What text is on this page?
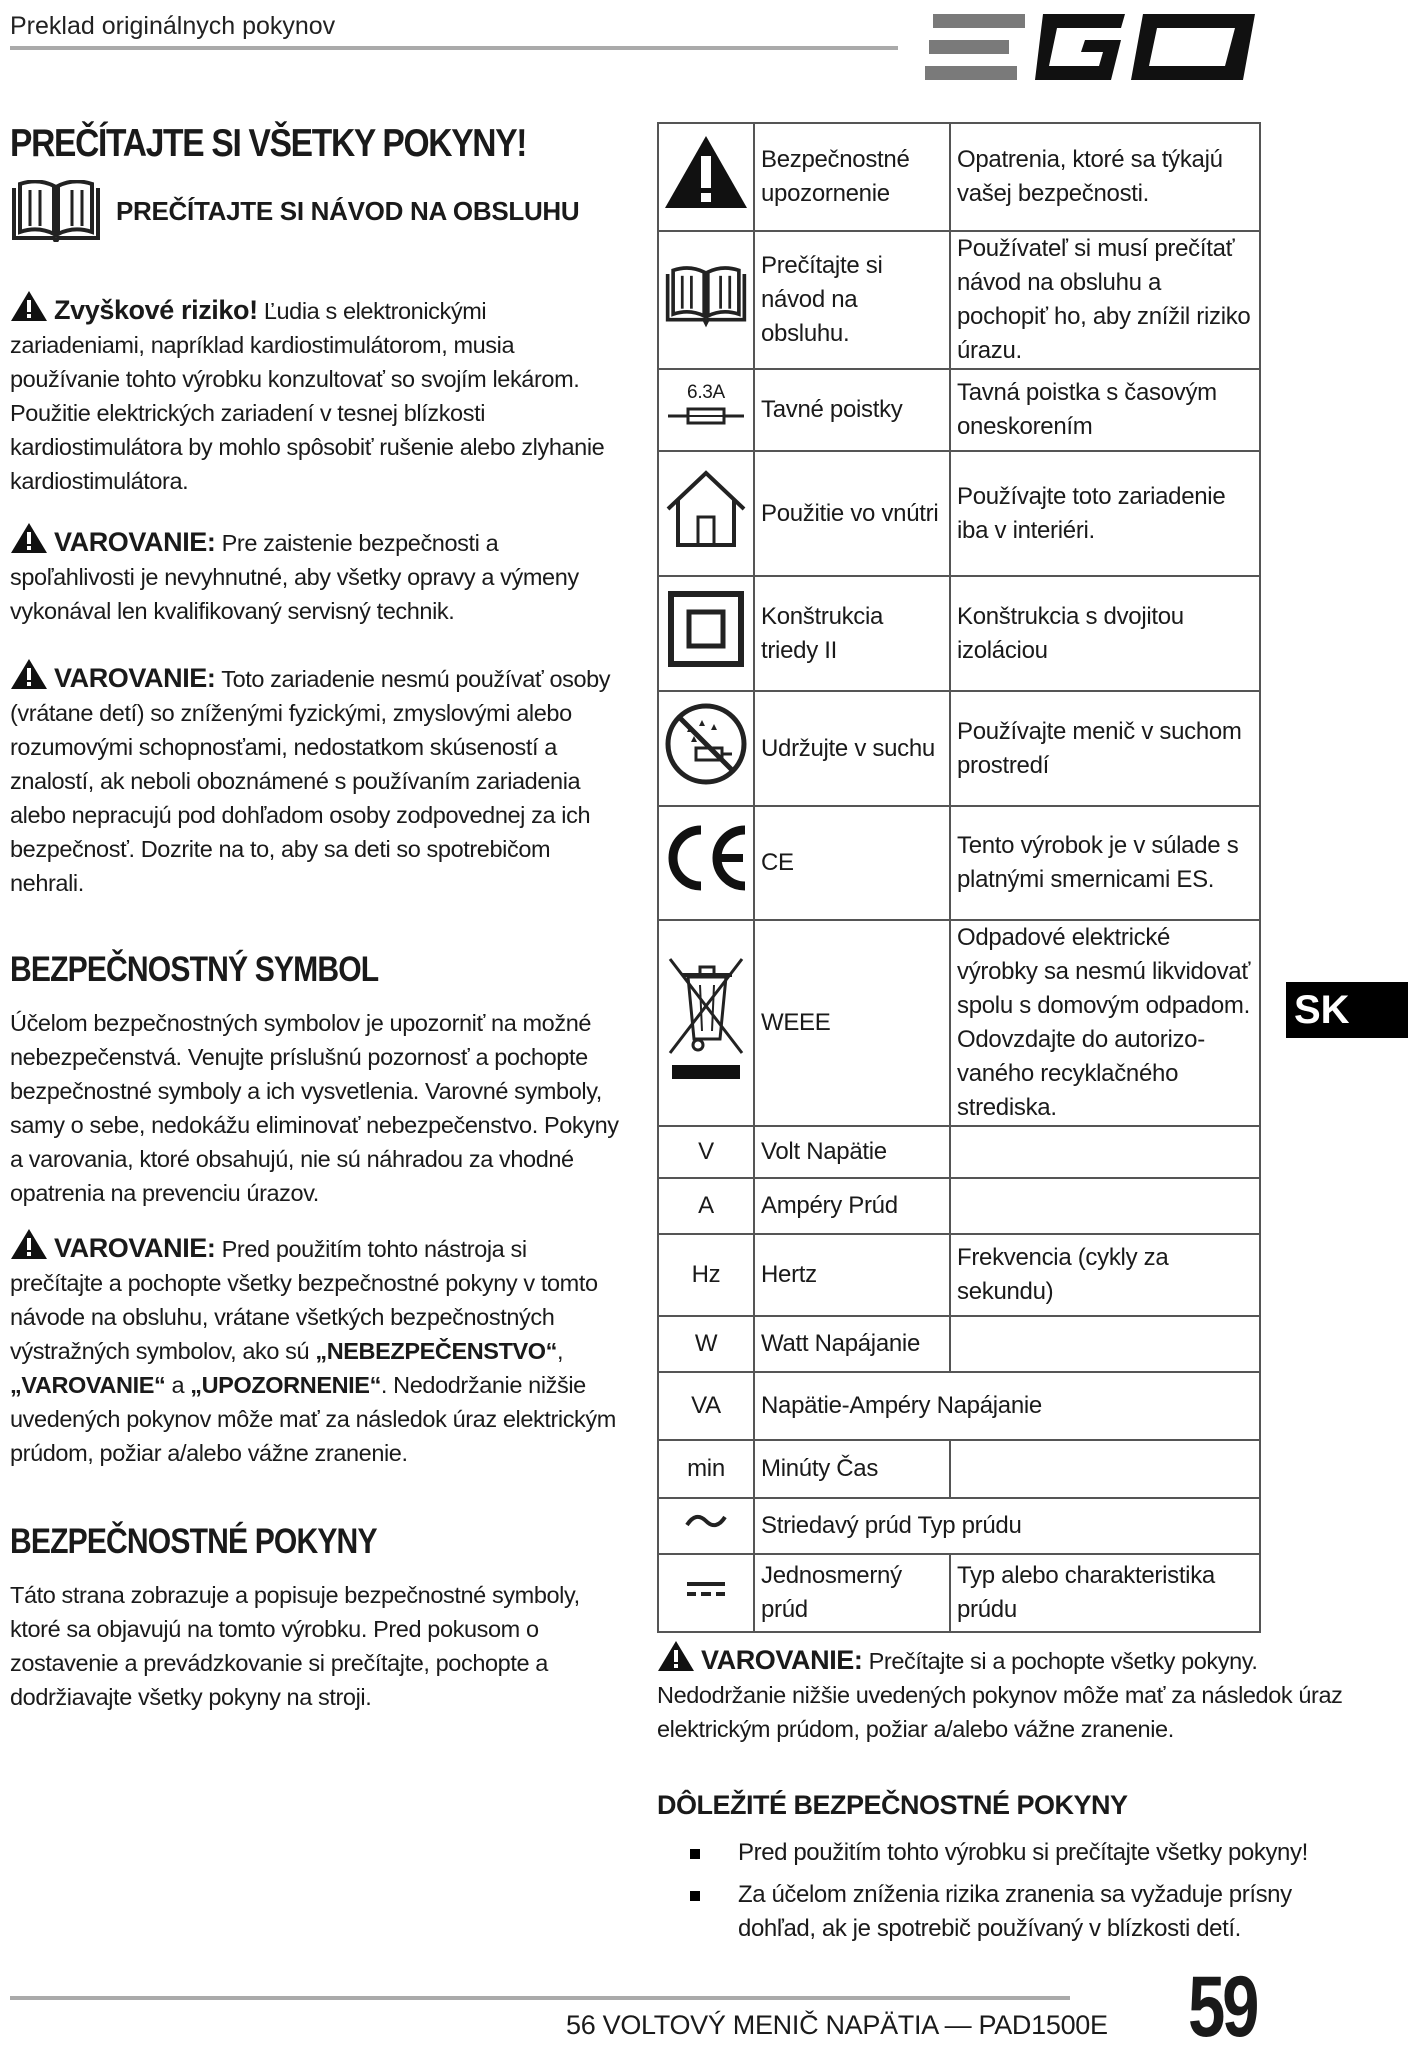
Preklad originálnych pokynov
PREČÍTAJTE SI VŠETKY POKYNY!
PREČÍTAJTE SI NÁVOD NA OBSLUHU

Zvyškové riziko! Ľudia s elektronickými zariadeniami, napríklad kardiostimulátorom, musia používanie tohto výrobku konzultovať so svojím lekárom. Použitie elektrických zariadení v tesnej blízkosti kardiostimulátora by mohlo spôsobiť rušenie alebo zlyhanie kardiostimulátora.

VAROVANIE: Pre zaistenie bezpečnosti a spoľahlivosti je nevyhnutné, aby všetky opravy a výmeny vykonával len kvalifikovaný servisný technik.

VAROVANIE: Toto zariadenie nesmú používať osoby (vrátane detí) so zníženými fyzickými, zmyslovými alebo rozumovými schopnosťami, nedostatkom skúseností a znalostí, ak neboli oboznámené s používaním zariadenia alebo nepracujú pod dohľadom osoby zodpovednej za ich bezpečnosť. Dozrite na to, aby sa deti so spotrebičom nehrali.

BEZPEČNOSTNÝ SYMBOL

Účelom bezpečnostných symbolov je upozorniť na možné nebezpečenstvá. Venujte príslušnú pozornosť a pochopte bezpečnostné symboly a ich vysvetlenia. Varovné symboly, samy o sebe, nedokážu eliminovať nebezpečenstvo. Pokyny a varovania, ktoré obsahujú, nie sú náhradou za vhodné opatrenia na prevenciu úrazov.

VAROVANIE: Pred použitím tohto nástroja si prečítajte a pochopte všetky bezpečnostné pokyny v tomto návode na obsluhu, vrátane všetkých bezpečnostných výstražných symbolov, ako sú „NEBEZPEČENSTVO“, „VAROVANIE“ a „UPOZORNENIE“. Nedodržanie nižšie uvedených pokynov môže mať za následok úraz elektrickým prúdom, požiar a/alebo vážne zranenie.

BEZPEČNOSTNÉ POKYNY

Táto strana zobrazuje a popisuje bezpečnostné symboly, ktoré sa objavujú na tomto výrobku. Pred pokusom o zostavenie a prevádzkovanie si prečítajte, pochopte a dodržiavajte všetky pokyny na stroji.

	Bezpečnostné upozornenie	Opatrenia, ktoré sa týkajú vašej bezpečnosti.
	Prečítajte si návod na obsluhu.	Používateľ si musí prečítať návod na obsluhu a pochopiť ho, aby znížil riziko úrazu.

6.3A	Tavné poistky	Tavná poistka s časovým oneskorením
	Použitie vo vnútri	Používajte toto zariadenie iba v interiéri.
	Konštrukcia triedy II	Konštrukcia s dvojitou izoláciou
	Udržujte v suchu	Používajte menič v suchom prostredí
	CE	Tento výrobok je v súlade s platnými smernicami ES.
	WEEE	Odpadové elektrické výrobky sa nesmú likvidovať spolu s domovým odpadom. Odovzdajte do autorizo-vaného recyklačného strediska.
V	Volt Napätie	
A	Ampéry Prúd	
Hz	Hertz	Frekvencia (cykly za sekundu)
W	Watt Napájanie	
VA	Napätie-Ampéry Napájanie	
min	Minúty Čas	
	Striedavý prúd Typ prúdu	
	Jednosmerný prúd	Typ alebo charakteristika prúdu
SK

VAROVANIE: Prečítajte si a pochopte všetky pokyny. Nedodržanie nižšie uvedených pokynov môže mať za následok úraz elektrickým prúdom, požiar a/alebo vážne zranenie.

DÔLEŽITÉ BEZPEČNOSTNÉ POKYNY
Pred použitím tohto výrobku si prečítajte všetky pokyny!
Za účelom zníženia rizika zranenia sa vyžaduje prísny dohľad, ak je spotrebič používaný v blízkosti detí.
56 VOLTOVÝ MENIČ NAPÄTIA — PAD1500E 59
